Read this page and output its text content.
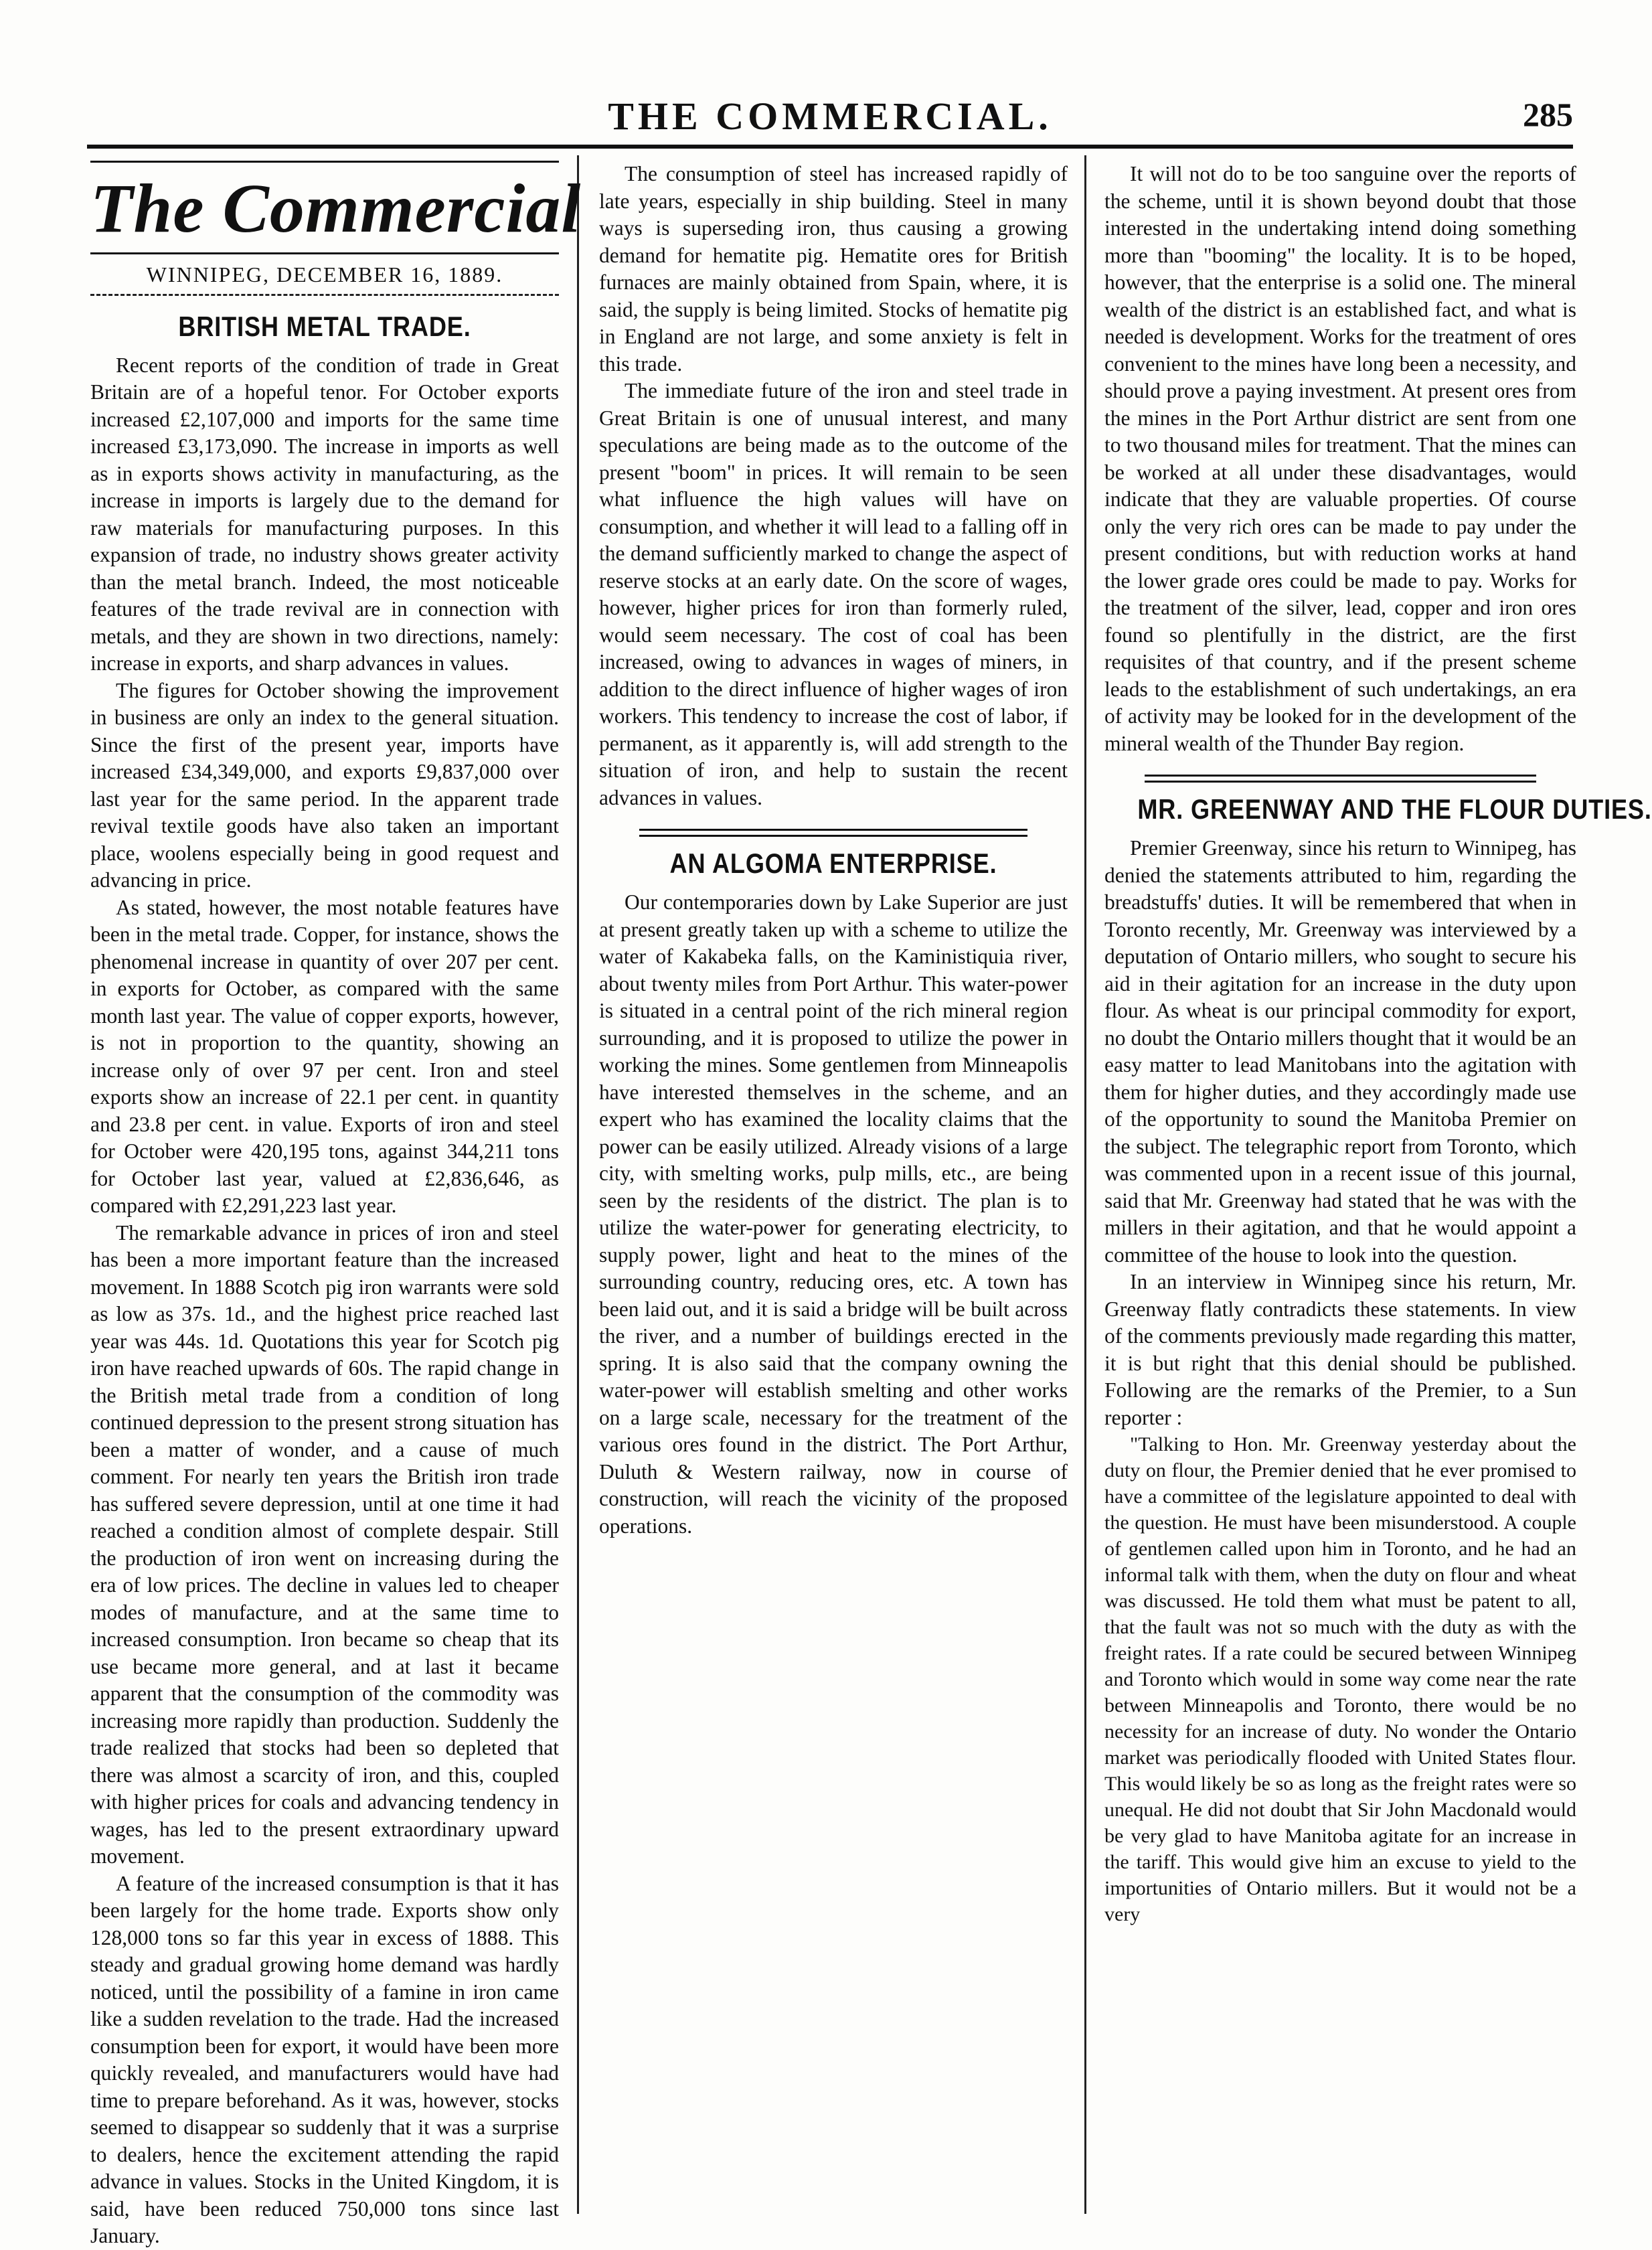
THE COMMERCIAL.	285
The Commercial
WINNIPEG, DECEMBER 16, 1889.
BRITISH METAL TRADE.

Recent reports of the condition of trade in Great Britain are of a hopeful tenor. For October exports increased £2,107,000 and imports for the same time increased £3,173,090. The increase in imports as well as in exports shows activity in manufacturing, as the increase in imports is largely due to the demand for raw materials for manufacturing purposes. In this expansion of trade, no industry shows greater activity than the metal branch. Indeed, the most noticeable features of the trade revival are in connection with metals, and they are shown in two directions, namely: increase in exports, and sharp advances in values.

The figures for October showing the improvement in business are only an index to the general situation. Since the first of the present year, imports have increased £34,349,000, and exports £9,837,000 over last year for the same period. In the apparent trade revival textile goods have also taken an important place, woolens especially being in good request and advancing in price.

As stated, however, the most notable features have been in the metal trade. Copper, for instance, shows the phenomenal increase in quantity of over 207 per cent. in exports for October, as compared with the same month last year. The value of copper exports, however, is not in proportion to the quantity, showing an increase only of over 97 per cent. Iron and steel exports show an increase of 22.1 per cent. in quantity and 23.8 per cent. in value. Exports of iron and steel for October were 420,195 tons, against 344,211 tons for October last year, valued at £2,836,646, as compared with £2,291,223 last year.

The remarkable advance in prices of iron and steel has been a more important feature than the increased movement. In 1888 Scotch pig iron warrants were sold as low as 37s. 1d., and the highest price reached last year was 44s. 1d. Quotations this year for Scotch pig iron have reached upwards of 60s. The rapid change in the British metal trade from a condition of long continued depression to the present strong situation has been a matter of wonder, and a cause of much comment. For nearly ten years the British iron trade has suffered severe depression, until at one time it had reached a condition almost of complete despair. Still the production of iron went on increasing during the era of low prices. The decline in values led to cheaper modes of manufacture, and at the same time to increased consumption. Iron became so cheap that its use became more general, and at last it became apparent that the consumption of the commodity was increasing more rapidly than production. Suddenly the trade realized that stocks had been so depleted that there was almost a scarcity of iron, and this, coupled with higher prices for coals and advancing tendency in wages, has led to the present extraordinary upward movement.

A feature of the increased consumption is that it has been largely for the home trade. Exports show only 128,000 tons so far this year in excess of 1888. This steady and gradual growing home demand was hardly noticed, until the possibility of a famine in iron came like a sudden revelation to the trade. Had the increased consumption been for export, it would have been more quickly revealed, and manufacturers would have had time to prepare beforehand. As it was, however, stocks seemed to disappear so suddenly that it was a surprise to dealers, hence the excitement attending the rapid advance in values. Stocks in the United Kingdom, it is said, have been reduced 750,000 tons since last January.

The consumption of steel has increased rapidly of late years, especially in ship building. Steel in many ways is superseding iron, thus causing a growing demand for hematite pig. Hematite ores for British furnaces are mainly obtained from Spain, where, it is said, the supply is being limited. Stocks of hematite pig in England are not large, and some anxiety is felt in this trade.

The immediate future of the iron and steel trade in Great Britain is one of unusual interest, and many speculations are being made as to the outcome of the present "boom" in prices. It will remain to be seen what influence the high values will have on consumption, and whether it will lead to a falling off in the demand sufficiently marked to change the aspect of reserve stocks at an early date. On the score of wages, however, higher prices for iron than formerly ruled, would seem necessary. The cost of coal has been increased, owing to advances in wages of miners, in addition to the direct influence of higher wages of iron workers. This tendency to increase the cost of labor, if permanent, as it apparently is, will add strength to the situation of iron, and help to sustain the recent advances in values.

AN ALGOMA ENTERPRISE.

Our contemporaries down by Lake Superior are just at present greatly taken up with a scheme to utilize the water of Kakabeka falls, on the Kaministiquia river, about twenty miles from Port Arthur. This water-power is situated in a central point of the rich mineral region surrounding, and it is proposed to utilize the power in working the mines. Some gentlemen from Minneapolis have interested themselves in the scheme, and an expert who has examined the locality claims that the power can be easily utilized. Already visions of a large city, with smelting works, pulp mills, etc., are being seen by the residents of the district. The plan is to utilize the water-power for generating electricity, to supply power, light and heat to the mines of the surrounding country, reducing ores, etc. A town has been laid out, and it is said a bridge will be built across the river, and a number of buildings erected in the spring. It is also said that the company owning the water-power will establish smelting and other works on a large scale, necessary for the treatment of the various ores found in the district. The Port Arthur, Duluth & Western railway, now in course of construction, will reach the vicinity of the proposed operations.

It will not do to be too sanguine over the reports of the scheme, until it is shown beyond doubt that those interested in the undertaking intend doing something more than "booming" the locality. It is to be hoped, however, that the enterprise is a solid one. The mineral wealth of the district is an established fact, and what is needed is development. Works for the treatment of ores convenient to the mines have long been a necessity, and should prove a paying investment. At present ores from the mines in the Port Arthur district are sent from one to two thousand miles for treatment. That the mines can be worked at all under these disadvantages, would indicate that they are valuable properties. Of course only the very rich ores can be made to pay under the present conditions, but with reduction works at hand the lower grade ores could be made to pay. Works for the treatment of the silver, lead, copper and iron ores found so plentifully in the district, are the first requisites of that country, and if the present scheme leads to the establishment of such undertakings, an era of activity may be looked for in the development of the mineral wealth of the Thunder Bay region.

MR. GREENWAY AND THE FLOUR DUTIES.

Premier Greenway, since his return to Winnipeg, has denied the statements attributed to him, regarding the breadstuffs' duties. It will be remembered that when in Toronto recently, Mr. Greenway was interviewed by a deputation of Ontario millers, who sought to secure his aid in their agitation for an increase in the duty upon flour. As wheat is our principal commodity for export, no doubt the Ontario millers thought that it would be an easy matter to lead Manitobans into the agitation with them for higher duties, and they accordingly made use of the opportunity to sound the Manitoba Premier on the subject. The telegraphic report from Toronto, which was commented upon in a recent issue of this journal, said that Mr. Greenway had stated that he was with the millers in their agitation, and that he would appoint a committee of the house to look into the question.

In an interview in Winnipeg since his return, Mr. Greenway flatly contradicts these statements. In view of the comments previously made regarding this matter, it is but right that this denial should be published. Following are the remarks of the Premier, to a Sun reporter :

"Talking to Hon. Mr. Greenway yesterday about the duty on flour, the Premier denied that he ever promised to have a committee of the legislature appointed to deal with the question. He must have been misunderstood. A couple of gentlemen called upon him in Toronto, and he had an informal talk with them, when the duty on flour and wheat was discussed. He told them what must be patent to all, that the fault was not so much with the duty as with the freight rates. If a rate could be secured between Winnipeg and Toronto which would in some way come near the rate between Minneapolis and Toronto, there would be no necessity for an increase of duty. No wonder the Ontario market was periodically flooded with United States flour. This would likely be so as long as the freight rates were so unequal. He did not doubt that Sir John Macdonald would be very glad to have Manitoba agitate for an increase in the tariff. This would give him an excuse to yield to the importunities of Ontario millers. But it would not be a very
